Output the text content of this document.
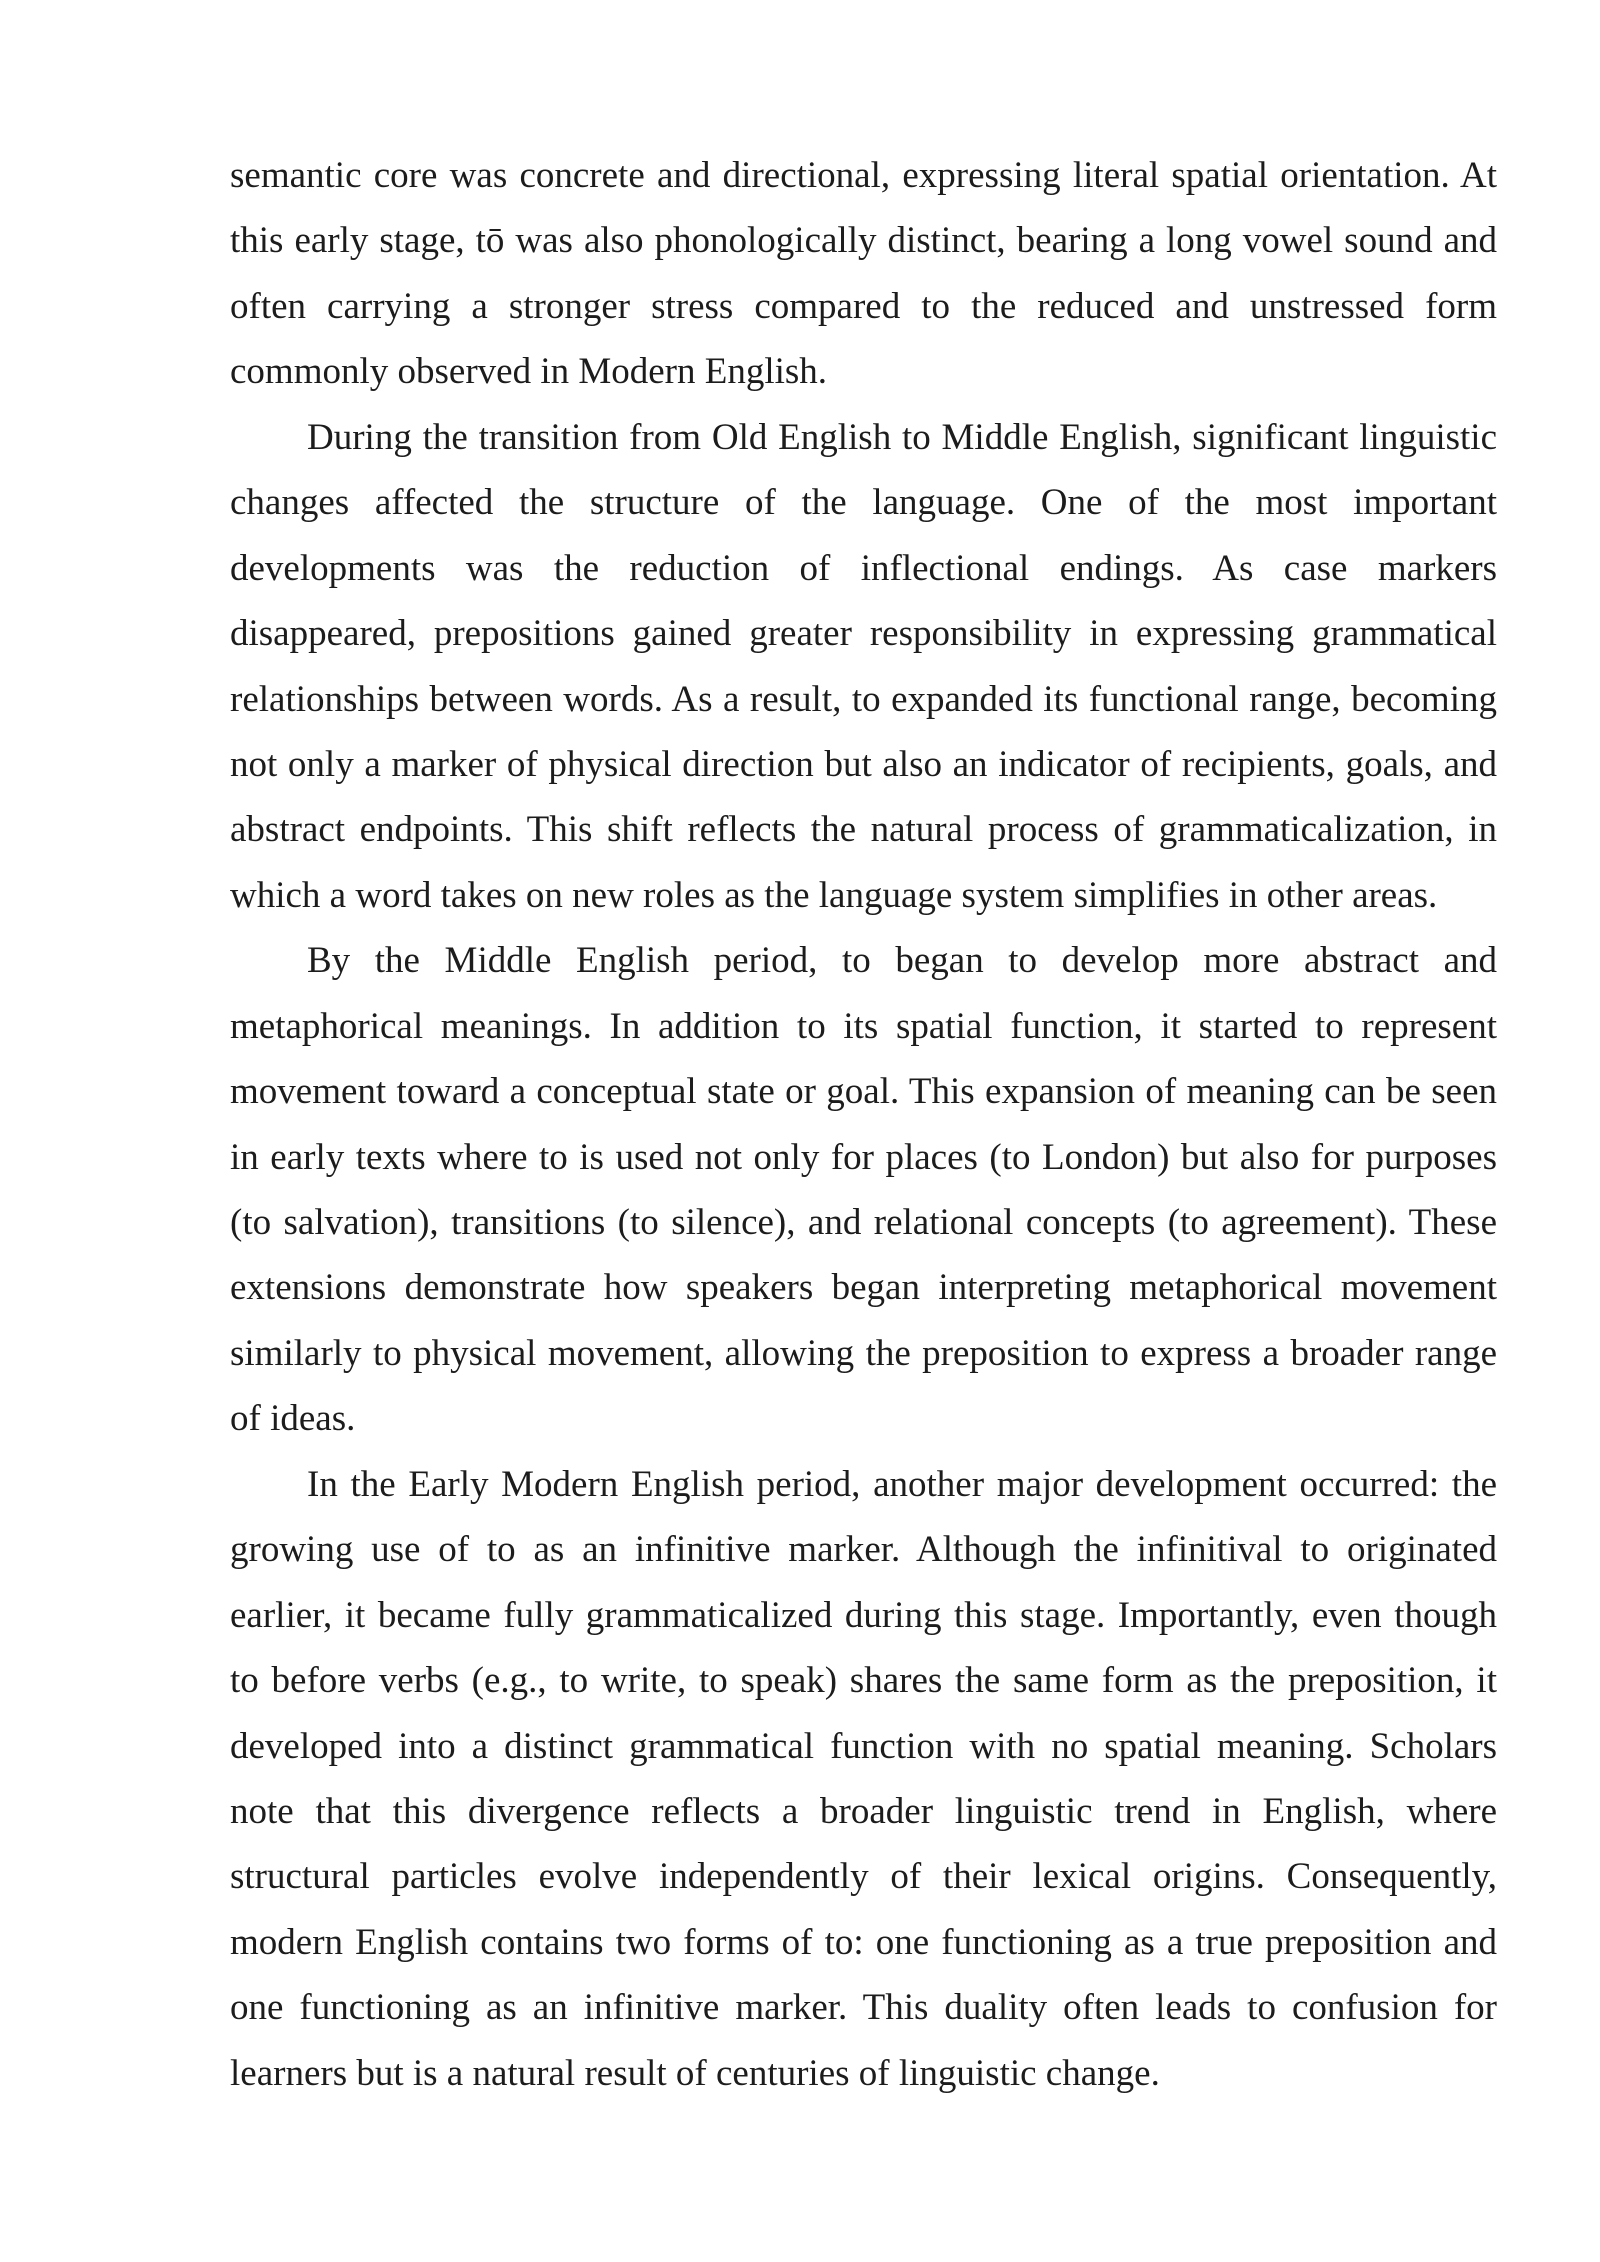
semantic core was concrete and directional, expressing literal spatial orientation. At
this early stage, tō was also phonologically distinct, bearing a long vowel sound and
often carrying a stronger stress compared to the reduced and unstressed form
commonly observed in Modern English.
During the transition from Old English to Middle English, significant linguistic
changes affected the structure of the language. One of the most important
developments was the reduction of inflectional endings. As case markers
disappeared, prepositions gained greater responsibility in expressing grammatical
relationships between words. As a result, to expanded its functional range, becoming
not only a marker of physical direction but also an indicator of recipients, goals, and
abstract endpoints. This shift reflects the natural process of grammaticalization, in
which a word takes on new roles as the language system simplifies in other areas.
By the Middle English period, to began to develop more abstract and
metaphorical meanings. In addition to its spatial function, it started to represent
movement toward a conceptual state or goal. This expansion of meaning can be seen
in early texts where to is used not only for places (to London) but also for purposes
(to salvation), transitions (to silence), and relational concepts (to agreement). These
extensions demonstrate how speakers began interpreting metaphorical movement
similarly to physical movement, allowing the preposition to express a broader range
of ideas.
In the Early Modern English period, another major development occurred: the
growing use of to as an infinitive marker. Although the infinitival to originated
earlier, it became fully grammaticalized during this stage. Importantly, even though
to before verbs (e.g., to write, to speak) shares the same form as the preposition, it
developed into a distinct grammatical function with no spatial meaning. Scholars
note that this divergence reflects a broader linguistic trend in English, where
structural particles evolve independently of their lexical origins. Consequently,
modern English contains two forms of to: one functioning as a true preposition and
one functioning as an infinitive marker. This duality often leads to confusion for
learners but is a natural result of centuries of linguistic change.
